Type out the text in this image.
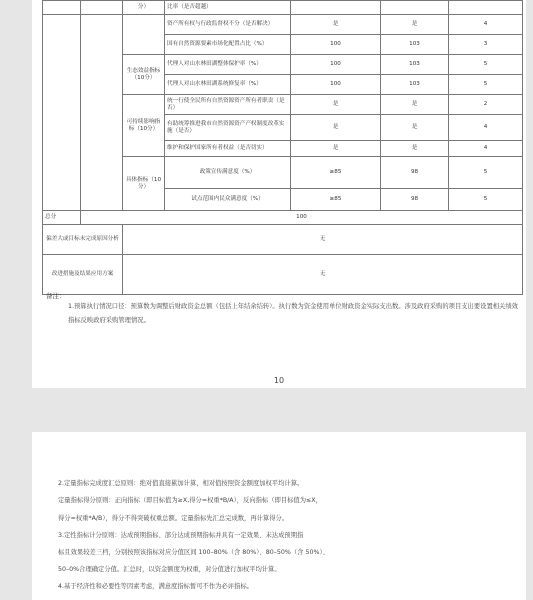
		分）	比率（是否超越）			
			资产所有权与行政监督权不分（是否解决）	是	是	4
			国有自然资源要素市场化配置占比（%）	100	103	3
		生态效益指标（10分）	代理人对山水林田湖整体保护率（%）	100	103	5
			代理人对山水林田湖系统修复率（%）	100	103	5
		可持续影响指标（10分）	统一行使全民所有自然资源资产所有者职责（是否）	是	是	2
			有助统筹推进我市自然资源资产产权制度改革实施（是否）	是	是	4
			维护和保护国家所有者权益（是否切实）	是	是	4
		具体指标（10分）	政策宣传满意度（%）	≥85	98	5
			试点范围内民众满意度（%）	≥85	98	5
总分	100					
偏差大或目标未完成原因分析		无				
改进措施及结果应用方案		无				
备注：
1.预算执行情况口径：预算数为调整后财政资金总额（包括上年结余结转）。执行数为资金使用单位财政资金实际支出数。涉及政府采购的项目支出要设置相关绩效指标反映政府采购管理情况。
10
2.定量指标完成度汇总原则：绝对值直接累加计算，相对值按照资金额度加权平均计算。
定量指标得分原则：正向指标（即目标值为≥X,得分=权重*B/A），反向指标（即目标值为≤X，
得分=权重*A/B），得分不得突破权重总额。定量指标先汇总完成数，再计算得分。
3.定性指标计分原则：达成预期指标、部分达成预期指标并具有一定效果、未达成预期指
标且效果较差三档，分别按照该指标对应分值区间 100–80%（含 80%）、80–50%（含 50%）、
50–0%合理确定分值。汇总时，以资金额度为权重，对分值进行加权平均计算。
4.基于经济性和必要性等因素考虑，满意度指标暂可不作为必评指标。
